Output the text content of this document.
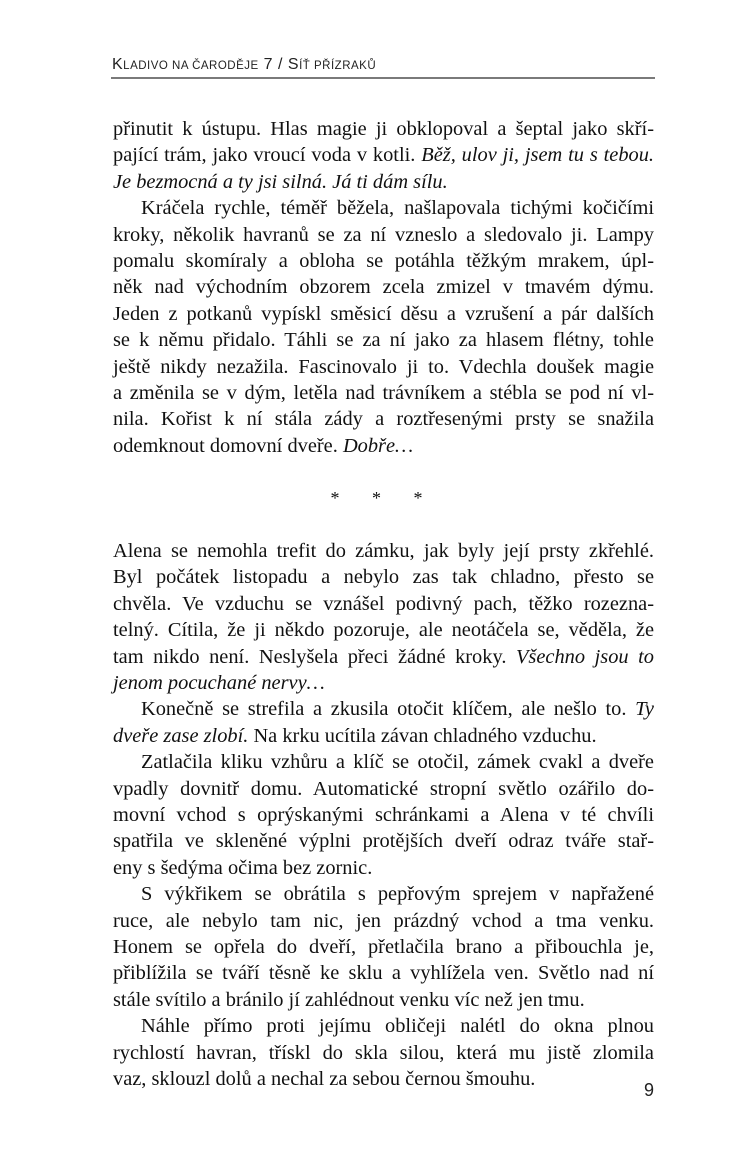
KLADIVO NA ČARODĚJE 7 / SÍŤ PŘÍZRAKŮ
přinutit k ústupu. Hlas magie ji obklopoval a šeptal jako skří-
pající trám, jako vroucí voda v kotli. Běž, ulov ji, jsem tu s tebou.
Je bezmocná a ty jsi silná. Já ti dám sílu.
Kráčela rychle, téměř běžela, našlapovala tichými kočičími
kroky, několik havranů se za ní vzneslo a sledovalo ji. Lampy
pomalu skomíraly a obloha se potáhla těžkým mrakem, úpl-
něk nad východním obzorem zcela zmizel v tmavém dýmu.
Jeden z potkanů vypískl směsicí děsu a vzrušení a pár dalších
se k němu přidalo. Táhli se za ní jako za hlasem flétny, tohle
ještě nikdy nezažila. Fascinovalo ji to. Vdechla doušek magie
a změnila se v dým, letěla nad trávníkem a stébla se pod ní vl-
nila. Kořist k ní stála zády a roztřesenými prsty se snažila
odemknout domovní dveře. Dobře…
* * *
Alena se nemohla trefit do zámku, jak byly její prsty zkřehlé.
Byl počátek listopadu a nebylo zas tak chladno, přesto se
chvěla. Ve vzduchu se vznášel podivný pach, těžko rozezna-
telný. Cítila, že ji někdo pozoruje, ale neotáčela se, věděla, že
tam nikdo není. Neslyšela přeci žádné kroky. Všechno jsou to
jenom pocuchané nervy…
Konečně se strefila a zkusila otočit klíčem, ale nešlo to. Ty
dveře zase zlobí. Na krku ucítila závan chladného vzduchu.
Zatlačila kliku vzhůru a klíč se otočil, zámek cvakl a dveře
vpadly dovnitř domu. Automatické stropní světlo ozářilo do-
movní vchod s oprýskanými schránkami a Alena v té chvíli
spatřila ve skleněné výplni protějších dveří odraz tváře stař-
eny s šedýma očima bez zornic.
S výkřikem se obrátila s pepřovým sprejem v napřažené
ruce, ale nebylo tam nic, jen prázdný vchod a tma venku.
Honem se opřela do dveří, přetlačila brano a přibouchla je,
přiblížila se tváří těsně ke sklu a vyhlížela ven. Světlo nad ní
stále svítilo a bránilo jí zahlédnout venku víc než jen tmu.
Náhle přímo proti jejímu obličeji nalétl do okna plnou
rychlostí havran, třískl do skla silou, která mu jistě zlomila
vaz, sklouzl dolů a nechal za sebou černou šmouhu.
9
